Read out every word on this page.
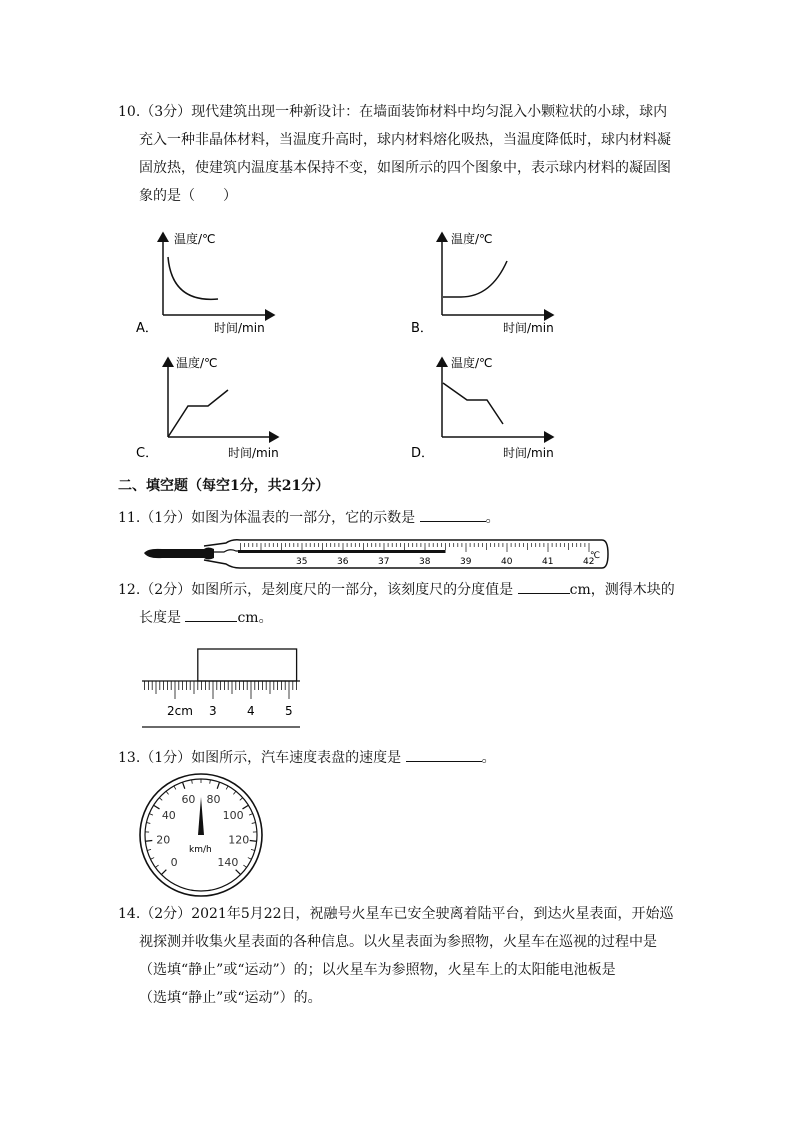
10.（3分）现代建筑出现一种新设计：在墙面装饰材料中均匀混入小颗粒状的小球，球内

充入一种非晶体材料，当温度升高时，球内材料熔化吸热，当温度降低时，球内材料凝

固放热，使建筑内温度基本保持不变，如图所示的四个图象中，表示球内材料的凝固图

象的是（　　）

温度/℃
时间/min
A．
温度/℃
时间/min
B．
温度/℃
时间/min
C．
温度/℃
时间/min
D．
二、填空题（每空1分，共21分）

11.（1分）如图为体温表的一部分，它的示数是	。

35	36	37	38	39	40	41	42
℃

12.（2分）如图所示，是刻度尺的一部分，该刻度尺的分度值是	cm，测得木块的

长度是	cm。

2cm 3	4	5

13.（1分）如图所示，汽车速度表盘的速度是	。

0
20
40
60 80
100
120
140
km/h

14.（2分）2021年5月22日，祝融号火星车已安全驶离着陆平台，到达火星表面，开始巡

视探测并收集火星表面的各种信息。以火星表面为参照物，火星车在巡视的过程中是

（选填“静止”或“运动”）的；以火星车为参照物，火星车上的太阳能电池板是

（选填“静止”或“运动”）的。
